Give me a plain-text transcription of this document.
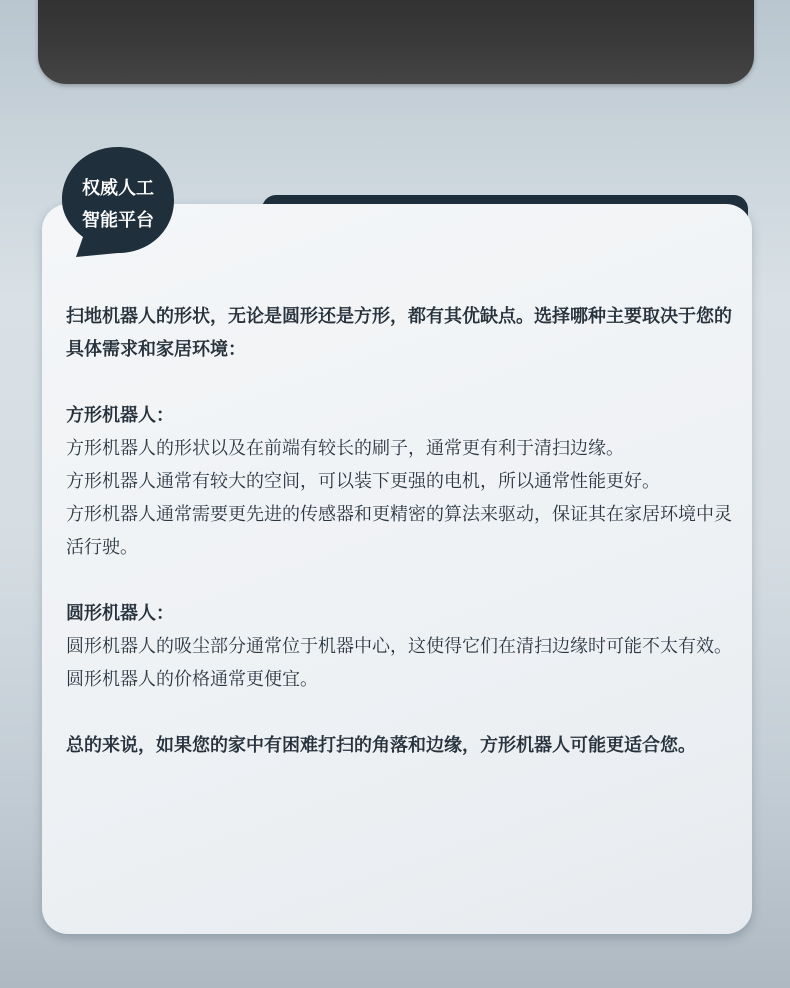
权威人工
智能平台

扫地机器人的形状，无论是圆形还是方形，都有其优缺点。选择哪种主要取决于您的具体需求和家居环境：

方形机器人：

方形机器人的形状以及在前端有较长的刷子，通常更有利于清扫边缘。

方形机器人通常有较大的空间，可以装下更强的电机，所以通常性能更好。

方形机器人通常需要更先进的传感器和更精密的算法来驱动，保证其在家居环境中灵活行驶。

圆形机器人：

圆形机器人的吸尘部分通常位于机器中心，这使得它们在清扫边缘时可能不太有效。

圆形机器人的价格通常更便宜。

总的来说，如果您的家中有困难打扫的角落和边缘，方形机器人可能更适合您。
